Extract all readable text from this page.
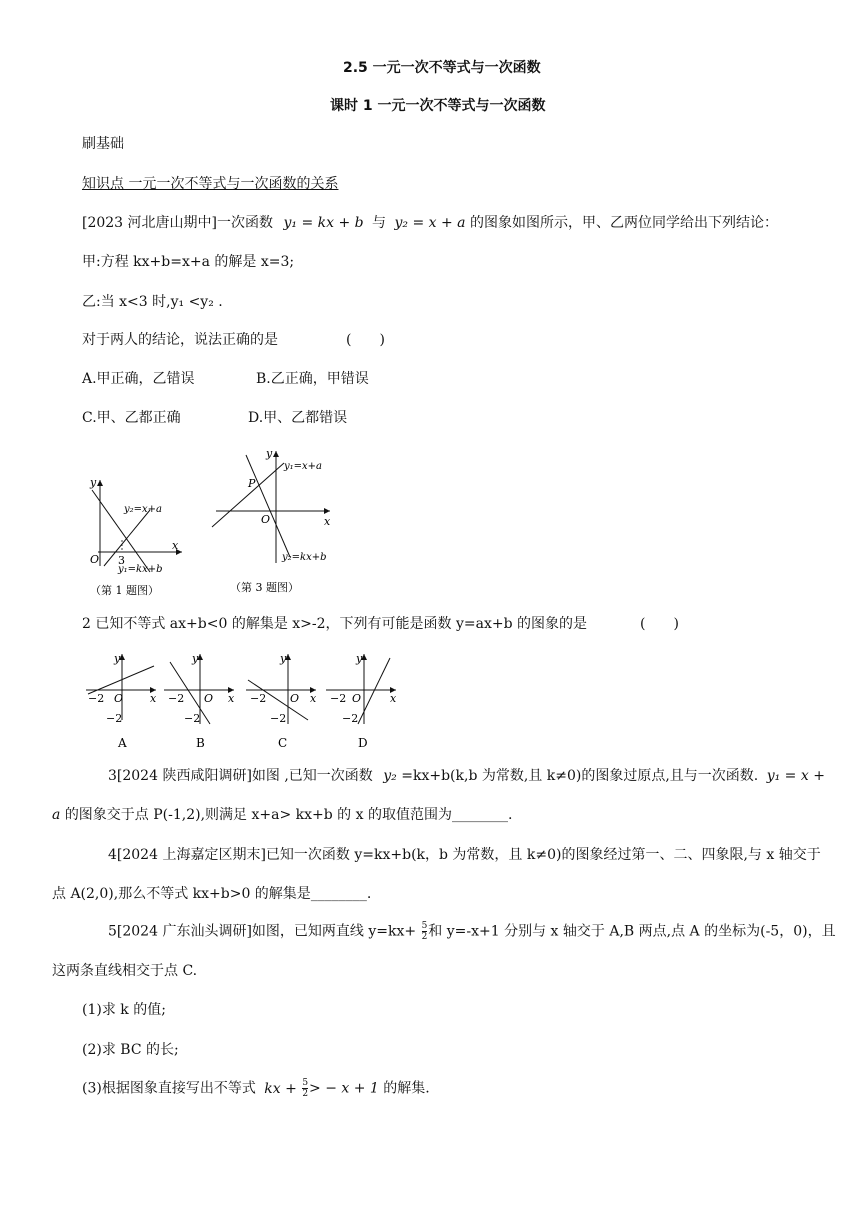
2.5 一元一次不等式与一次函数
课时 1 一元一次不等式与一次函数
刷基础
知识点 一元一次不等式与一次函数的关系
[2023 河北唐山期中]一次函数 y₁ = kx + b 与 y₂ = x + a 的图象如图所示，甲、乙两位同学给出下列结论：
甲:方程 kx+b=x+a 的解是 x=3;
乙:当 x<3 时,y₁ <y₂ .
对于两人的结论，说法正确的是	(　　)
A.甲正确，乙错误	B.乙正确，甲错误
C.甲、乙都正确	D.甲、乙都错误
y
x
O 3
y₂=x+a
y₁=kx+b
（第 1 题图）
y
x
O
P
y₁=x+a
y₂=kx+b
（第 3 题图）
2 已知不等式 ax+b<0 的解集是 x>-2，下列有可能是函数 y=ax+b 的图象的是	(　　)
y
x
O
−2
−2
A
y
x
O
−2
−2
B
y
x
O
−2
−2
C
y
x
O
−2
−2
D
3[2024 陕西咸阳调研]如图 ,已知一次函数 y₂ =kx+b(k,b 为常数,且 k≠0)的图象过原点,且与一次函数. y₁ = x +
a 的图象交于点 P(-1,2),则满足 x+a> kx+b 的 x 的取值范围为________.
4[2024 上海嘉定区期末]已知一次函数 y=kx+b(k，b 为常数，且 k≠0)的图象经过第一、二、四象限,与 x 轴交于
点 A(2,0),那么不等式 kx+b>0 的解集是________.
5[2024 广东汕头调研]如图，已知两直线 $y=kx+ \frac{5}{2}$ 和 y=-x+1 分别与 x 轴交于 A,B 两点,点 A 的坐标为(-5，0)，且
这两条直线相交于点 C.
(1)求 k 的值;
(2)求 BC 的长;
(3)根据图象直接写出不等式 kx + $\frac{5}{2}$ > − x + 1 的解集.
